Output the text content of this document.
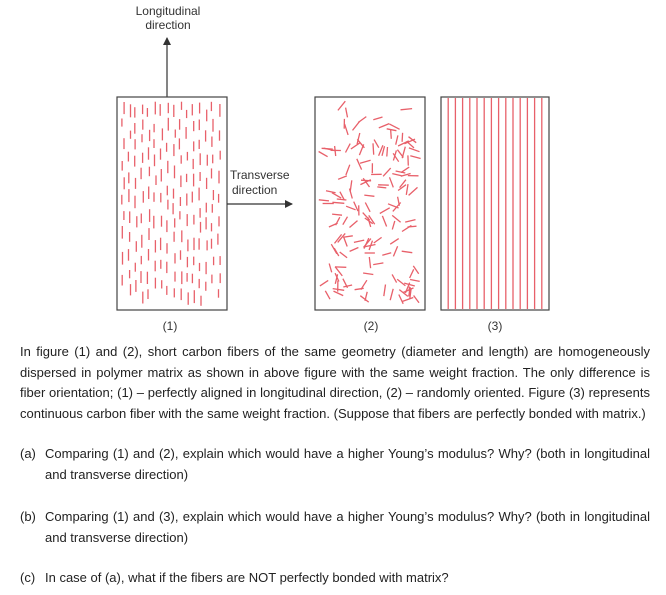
Longitudinal
direction
Transverse
direction
(1)	(2)	(3)
In figure (1) and (2), short carbon fibers of the same geometry (diameter and length) are homogeneously dispersed in polymer matrix as shown in above figure with the same weight fraction. The only difference is fiber orientation; (1) – perfectly aligned in longitudinal direction, (2) – randomly oriented. Figure (3) represents continuous carbon fiber with the same weight fraction. (Suppose that fibers are perfectly bonded with matrix.)
(a) Comparing (1) and (2), explain which would have a higher Young’s modulus? Why? (both in longitudinal and transverse direction)
(b) Comparing (1) and (3), explain which would have a higher Young’s modulus? Why? (both in longitudinal and transverse direction)
(c) In case of (a), what if the fibers are NOT perfectly bonded with matrix?
